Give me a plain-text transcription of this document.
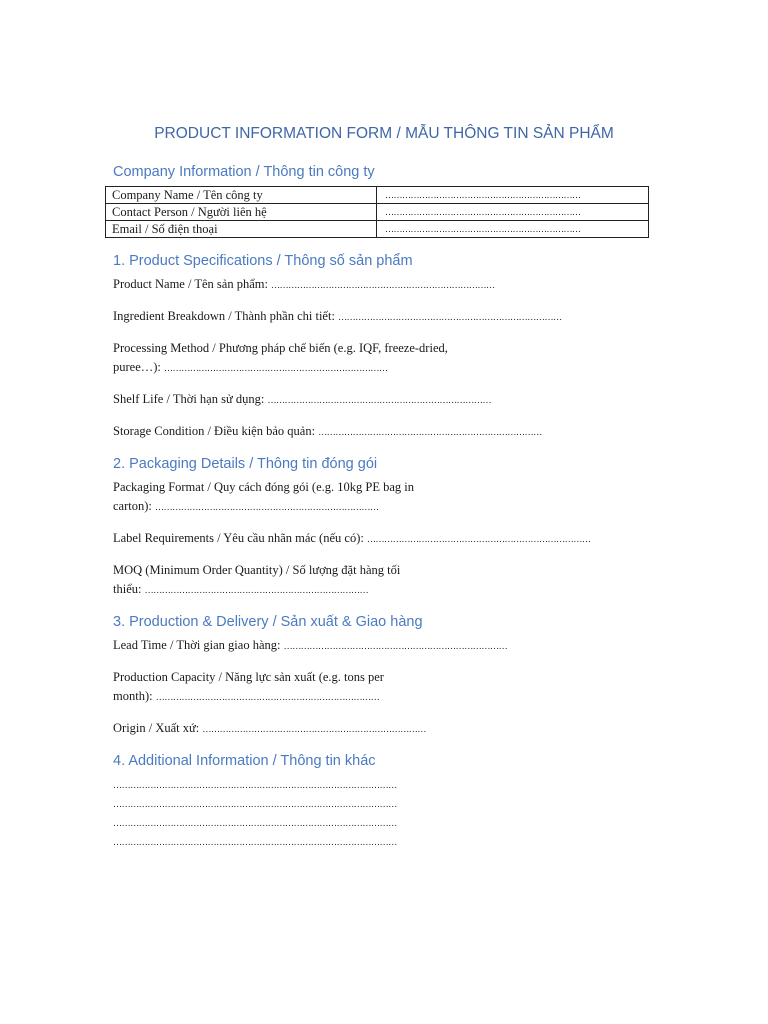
PRODUCT INFORMATION FORM / MẪU THÔNG TIN SẢN PHẨM
Company Information / Thông tin công ty
Company Name / Tên công ty	……………………………………………………………
Contact Person / Người liên hệ	……………………………………………………………
Email / Số điện thoại	……………………………………………………………
1. Product Specifications / Thông số sản phẩm
Product Name / Tên sản phẩm: ……………………………………………………………………
Ingredient Breakdown / Thành phần chi tiết: ……………………………………………………………………
Processing Method / Phương pháp chế biến (e.g. IQF, freeze-dried,
puree…): ……………………………………………………………………
Shelf Life / Thời hạn sử dụng: ……………………………………………………………………
Storage Condition / Điều kiện bảo quản: ……………………………………………………………………
2. Packaging Details / Thông tin đóng gói
Packaging Format / Quy cách đóng gói (e.g. 10kg PE bag in
carton): ……………………………………………………………………
Label Requirements / Yêu cầu nhãn mác (nếu có): ……………………………………………………………………
MOQ (Minimum Order Quantity) / Số lượng đặt hàng tối
thiểu: ……………………………………………………………………
3. Production & Delivery / Sản xuất & Giao hàng
Lead Time / Thời gian giao hàng: ……………………………………………………………………
Production Capacity / Năng lực sản xuất (e.g. tons per
month): ……………………………………………………………………
Origin / Xuất xứ: ……………………………………………………………………
4. Additional Information / Thông tin khác
………………………………………………………………………………………
………………………………………………………………………………………
………………………………………………………………………………………
………………………………………………………………………………………
